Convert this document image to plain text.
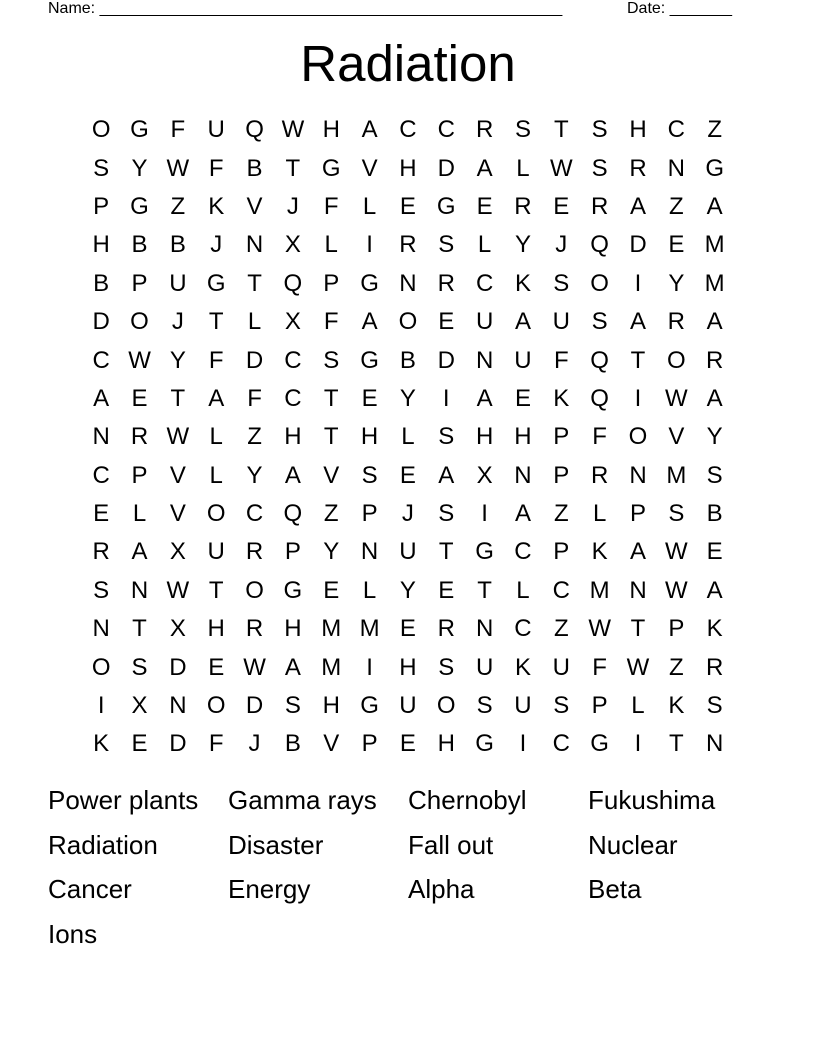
Name: ____________________________________________________	Date: _______
Radiation
O G F U Q W H A C C R S T S H C Z
S Y W F B T G V H D A L W S R N G
P G Z K V	J	F	L E G E R E R A Z A
H B B	J N X L	I	R S L Y	J Q D E M
B P U G T Q P G N R C K S O	I	Y M
D O J	T	L X F A O E U A U S A R A
C W Y F D C S G B D N U F Q T O R
A E T A F C T E Y	I	A E K Q	I W A
N R W L	Z H T H L S H H P F O V Y
C P V L Y A V S E A X N P R N M S
E L V O C Q Z P	J	S	I	A Z	L P S B
R A X U R P Y N U T G C P K A W E
S N W T O G E L Y E T	L C M N W A
N T X H R H M M E R N C Z W T P K
O S D E W A M	I	H S U K U F W Z R
I	X N O D S H G U O S U S P L K S
K E D F	J	B V P E H G	I	C G	I	T N
Power plants	Gamma rays	Chernobyl	Fukushima
Radiation	Disaster	Fall out	Nuclear
Cancer	Energy	Alpha	Beta
Ions
